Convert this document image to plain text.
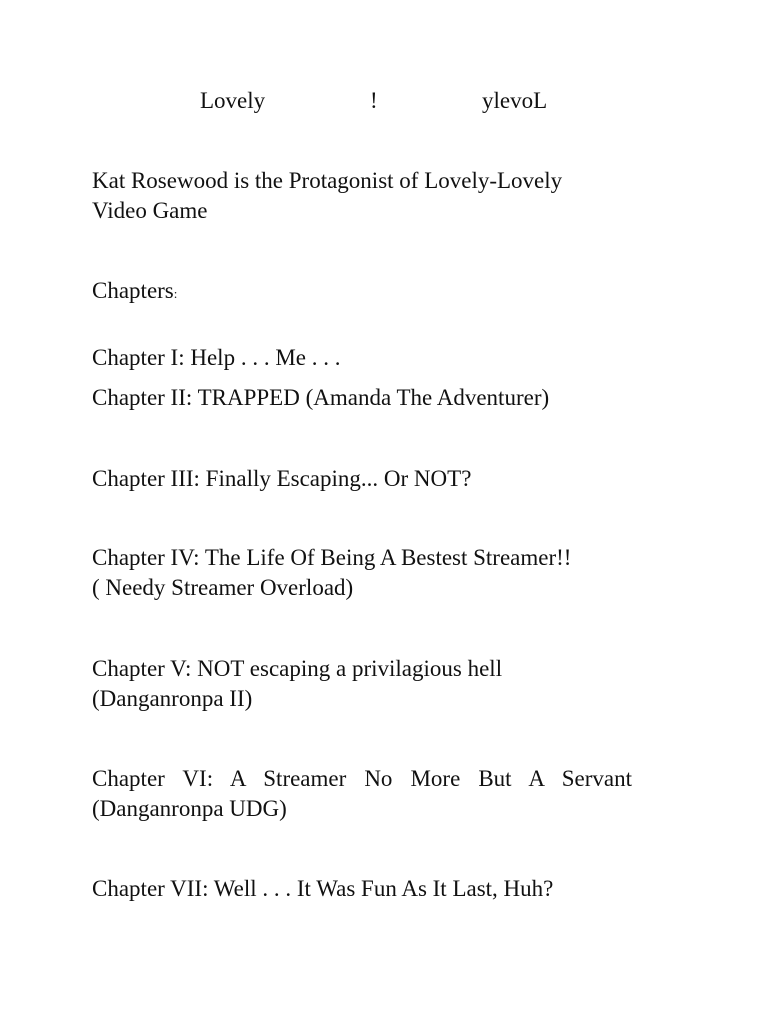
Lovely	!	ylevoL
Kat Rosewood is the Protagonist of Lovely-Lovely
Video Game
Chapters:
Chapter I: Help . . . Me . . .
Chapter II: TRAPPED (Amanda The Adventurer)
Chapter III: Finally Escaping... Or NOT?
Chapter IV: The Life Of Being A Bestest Streamer!!
( Needy Streamer Overload)
Chapter V: NOT escaping a privilagious hell
(Danganronpa II)
Chapter VI: A Streamer No More But A Servant
(Danganronpa UDG)
Chapter VII: Well . . . It Was Fun As It Last, Huh?
